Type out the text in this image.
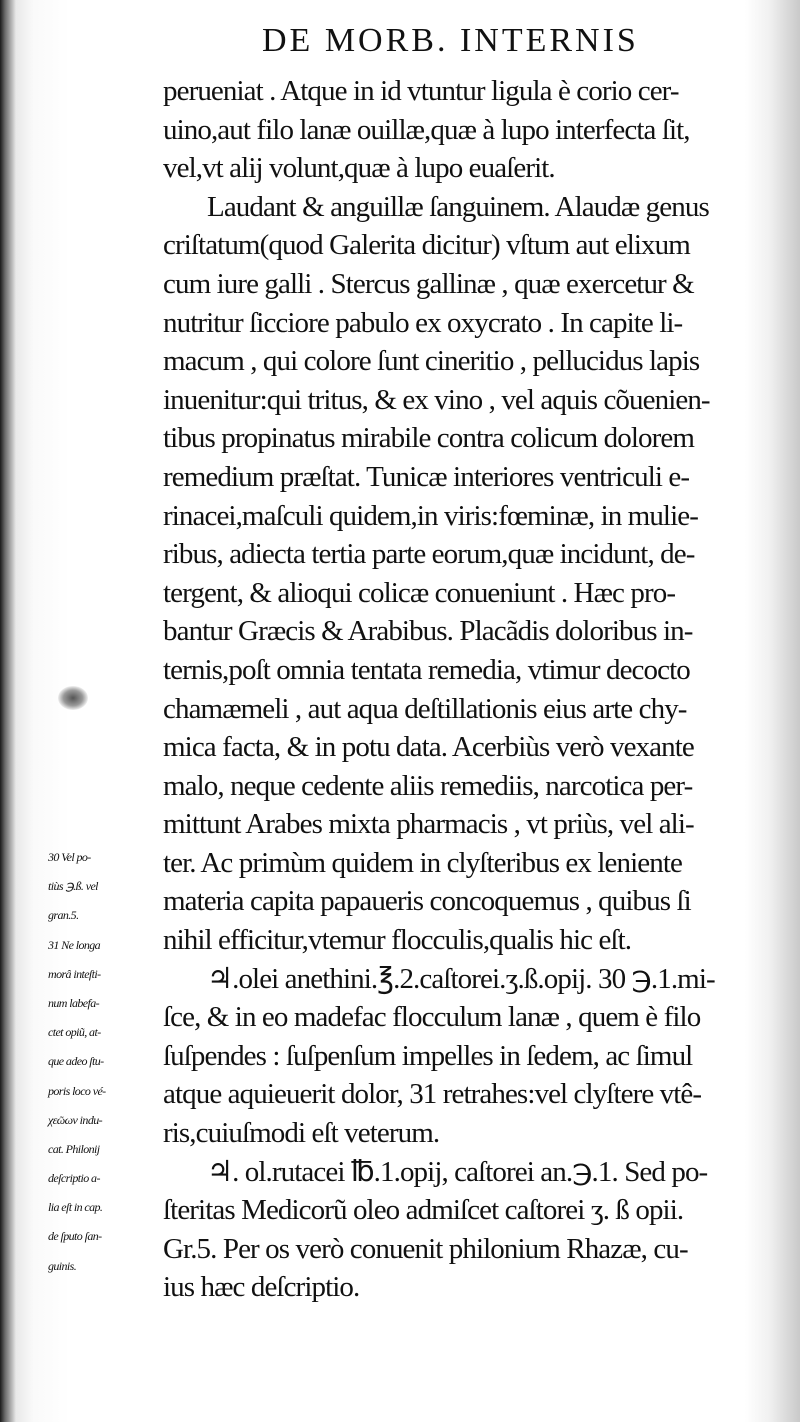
DE MORB. INTERNIS
perueniat . Atque in id vtuntur ligula è corio cer-
uino,aut filo lanæ ouillæ,quæ à lupo interfecta ſit,
vel,vt alij volunt,quæ à lupo euaſerit.
Laudant & anguillæ ſanguinem. Alaudæ genus
criſtatum(quod Galerita dicitur) vſtum aut elixum
cum iure galli . Stercus gallinæ , quæ exercetur &
nutritur ſicciore pabulo ex oxycrato . In capite li-
macum , qui colore ſunt cineritio , pellucidus lapis
inuenitur:qui tritus, & ex vino , vel aquis cõuenien-
tibus propinatus mirabile contra colicum dolorem
remedium præſtat. Tunicæ interiores ventriculi e-
rinacei,maſculi quidem,in viris:fœminæ, in mulie-
ribus, adiecta tertia parte eorum,quæ incidunt, de-
tergent, & alioqui colicæ conueniunt . Hæc pro-
bantur Græcis & Arabibus. Placãdis doloribus in-
ternis,poſt omnia tentata remedia, vtimur decocto
chamæmeli , aut aqua deſtillationis eius arte chy-
mica facta, & in potu data. Acerbiùs verò vexante
malo, neque cedente aliis remediis, narcotica per-
mittunt Arabes mixta pharmacis , vt priùs, vel ali-
ter. Ac primùm quidem in clyſteribus ex leniente
materia capita papaueris concoquemus , quibus ſi
nihil efficitur,vtemur flocculis,qualis hic eſt.
♃.olei anethini.℥.2.caſtorei.ʒ.ß.opij. 30 ℈.1.mi-
ſce, & in eo madefac flocculum lanæ , quem è filo
ſuſpendes : ſuſpenſum impelles in ſedem, ac ſimul
atque aquieuerit dolor, 31 retrahes:vel clyſtere vtê-
ris,cuiuſmodi eſt veterum.
♃. ol.rutacei ℔.1.opij, caſtorei an.℈.1. Sed po-
ſteritas Medicorũ oleo admiſcet caſtorei ʒ. ß opii.
Gr.5. Per os verò conuenit philonium Rhazæ, cu-
ius hæc deſcriptio.
30 Vel po-
tiùs ℈.ß. vel
gran.5.
31 Ne longa
morâ inteſti-
num labefa-
ctet opiũ, at-
que adeo ſtu-
poris loco vé-
χεῶων indu-
cat. Philonij
deſcriptio a-
lia eſt in cap.
de ſputo ſan-
guinis.
